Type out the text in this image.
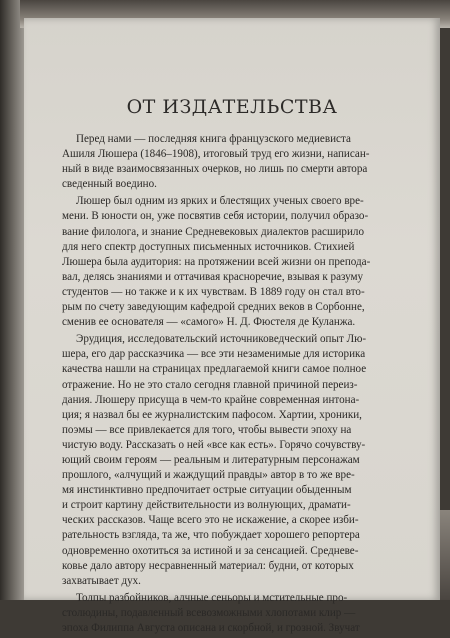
ОТ ИЗДАТЕЛЬСТВА
Перед нами — последняя книга французского медиевиста
Ашиля Люшера (1846–1908), итоговый труд его жизни, написан-
ный в виде взаимосвязанных очерков, но лишь по смерти автора
сведенный воедино.
Люшер был одним из ярких и блестящих ученых своего вре-
мени. В юности он, уже посвятив себя истории, получил образо-
вание филолога, и знание Средневековых диалектов расширило
для него спектр доступных письменных источников. Стихией
Люшера была аудитория: на протяжении всей жизни он препода-
вал, делясь знаниями и оттачивая красноречие, взывая к разуму
студентов — но также и к их чувствам. В 1889 году он стал вто-
рым по счету заведующим кафедрой средних веков в Сорбонне,
сменив ее основателя — «самого» Н. Д. Фюстеля де Куланжа.
Эрудиция, исследовательский источниковедческий опыт Лю-
шера, его дар рассказчика — все эти незаменимые для историка
качества нашли на страницах предлагаемой книги самое полное
отражение. Но не это стало сегодня главной причиной переиз-
дания. Люшеру присуща в чем-то крайне современная интона-
ция; я назвал бы ее журналистским пафосом. Хартии, хроники,
поэмы — все привлекается для того, чтобы вывести эпоху на
чистую воду. Рассказать о ней «все как есть». Горячо сочувству-
ющий своим героям — реальным и литературным персонажам
прошлого, «алчущий и жаждущий правды» автор в то же вре-
мя инстинктивно предпочитает острые ситуации обыденным
и строит картину действительности из волнующих, драмати-
ческих рассказов. Чаще всего это не искажение, а скорее изби-
рательность взгляда, та же, что побуждает хорошего репортера
одновременно охотиться за истиной и за сенсацией. Средневе-
ковье дало автору несравненный материал: будни, от которых
захватывает дух.
Толпы разбойников, алчные сеньоры и мстительные про-
столюдины, подавленный всевозможными хлопотами клир —
эпоха Филиппа Августа описана и скорбной, и грозной. Звучат
